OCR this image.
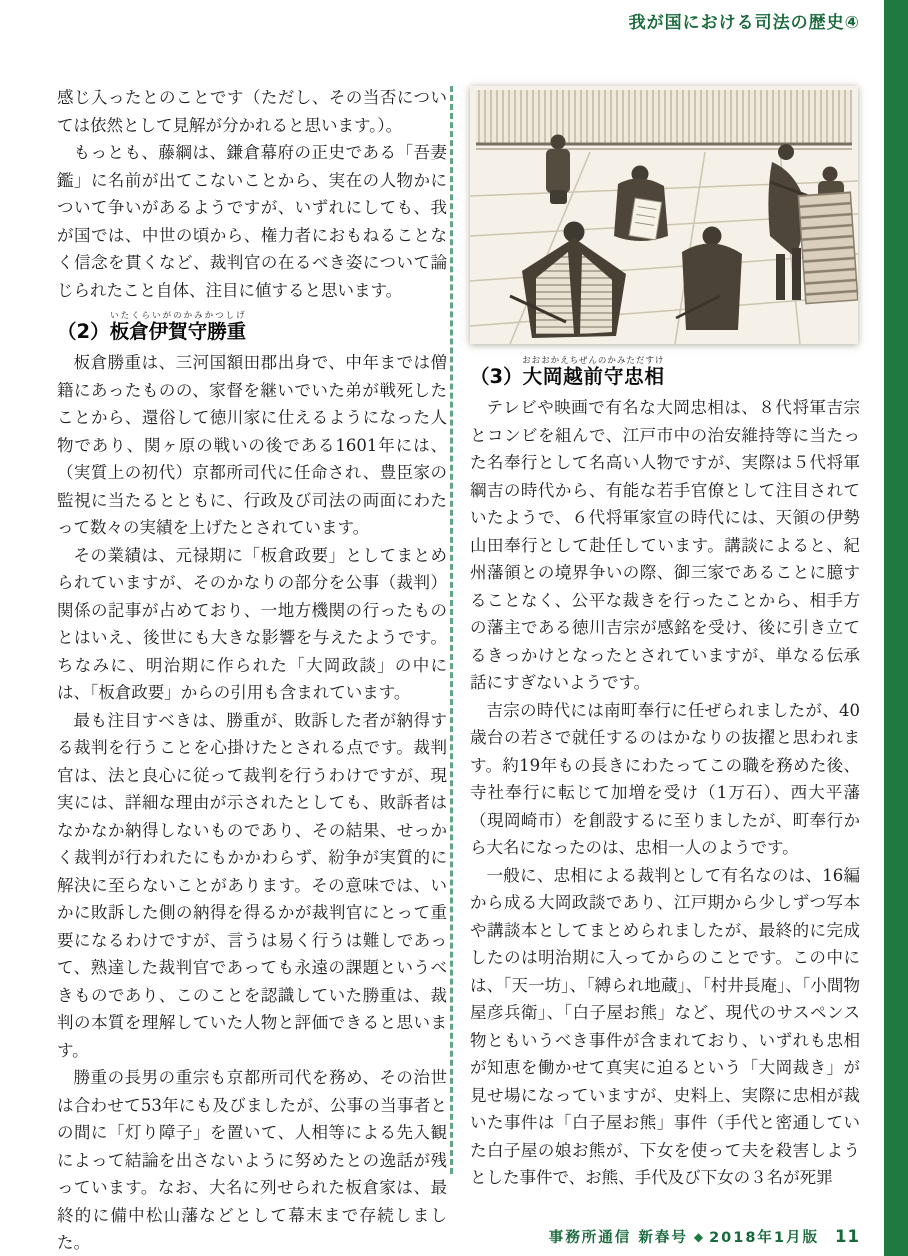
我が国における司法の歴史④

感じ入ったとのことです（ただし、その当否については依然として見解が分かれると思います。）。

もっとも、藤綱は、鎌倉幕府の正史である「吾妻鑑」に名前が出てこないことから、実在の人物かについて争いがあるようですが、いずれにしても、我が国では、中世の頃から、権力者におもねることなく信念を貫くなど、裁判官の在るべき姿について論じられたこと自体、注目に値すると思います。

（2）板倉伊賀守勝重いたくらいがのかみかつしげ

板倉勝重は、三河国額田郡出身で、中年までは僧籍にあったものの、家督を継いでいた弟が戦死したことから、還俗して徳川家に仕えるようになった人物であり、関ヶ原の戦いの後である1601年には、（実質上の初代）京都所司代に任命され、豊臣家の監視に当たるとともに、行政及び司法の両面にわたって数々の実績を上げたとされています。

その業績は、元禄期に「板倉政要」としてまとめられていますが、そのかなりの部分を公事（裁判）関係の記事が占めており、一地方機関の行ったものとはいえ、後世にも大きな影響を与えたようです。ちなみに、明治期に作られた「大岡政談」の中には、「板倉政要」からの引用も含まれています。

最も注目すべきは、勝重が、敗訴した者が納得する裁判を行うことを心掛けたとされる点です。裁判官は、法と良心に従って裁判を行うわけですが、現実には、詳細な理由が示されたとしても、敗訴者はなかなか納得しないものであり、その結果、せっかく裁判が行われたにもかかわらず、紛争が実質的に解決に至らないことがあります。その意味では、いかに敗訴した側の納得を得るかが裁判官にとって重要になるわけですが、言うは易く行うは難しであって、熟達した裁判官であっても永遠の課題というべきものであり、このことを認識していた勝重は、裁判の本質を理解していた人物と評価できると思います。

勝重の長男の重宗も京都所司代を務め、その治世は合わせて53年にも及びましたが、公事の当事者との間に「灯り障子」を置いて、人相等による先入観によって結論を出さないように努めたとの逸話が残っています。なお、大名に列せられた板倉家は、最終的に備中松山藩などとして幕末まで存続しました。

（3）大岡越前守忠相おおおかえちぜんのかみただすけ

テレビや映画で有名な大岡忠相は、８代将軍吉宗とコンビを組んで、江戸市中の治安維持等に当たった名奉行として名高い人物ですが、実際は５代将軍綱吉の時代から、有能な若手官僚として注目されていたようで、６代将軍家宣の時代には、天領の伊勢山田奉行として赴任しています。講談によると、紀州藩領との境界争いの際、御三家であることに臆することなく、公平な裁きを行ったことから、相手方の藩主である徳川吉宗が感銘を受け、後に引き立てるきっかけとなったとされていますが、単なる伝承話にすぎないようです。

吉宗の時代には南町奉行に任ぜられましたが、40歳台の若さで就任するのはかなりの抜擢と思われます。約19年もの長きにわたってこの職を務めた後、寺社奉行に転じて加増を受け（1万石）、西大平藩（現岡崎市）を創設するに至りましたが、町奉行から大名になったのは、忠相一人のようです。

一般に、忠相による裁判として有名なのは、16編から成る大岡政談であり、江戸期から少しずつ写本や講談本としてまとめられましたが、最終的に完成したのは明治期に入ってからのことです。この中には、「天一坊」、「縛られ地蔵」、「村井長庵」、「小間物屋彦兵衛」、「白子屋お熊」など、現代のサスペンス物ともいうべき事件が含まれており、いずれも忠相が知恵を働かせて真実に迫るという「大岡裁き」が見せ場になっていますが、史料上、実際に忠相が裁いた事件は「白子屋お熊」事件（手代と密通していた白子屋の娘お熊が、下女を使って夫を殺害しようとした事件で、お熊、手代及び下女の３名が死罪

事務所通信 新春号 ◆ 2018年1月版 11
